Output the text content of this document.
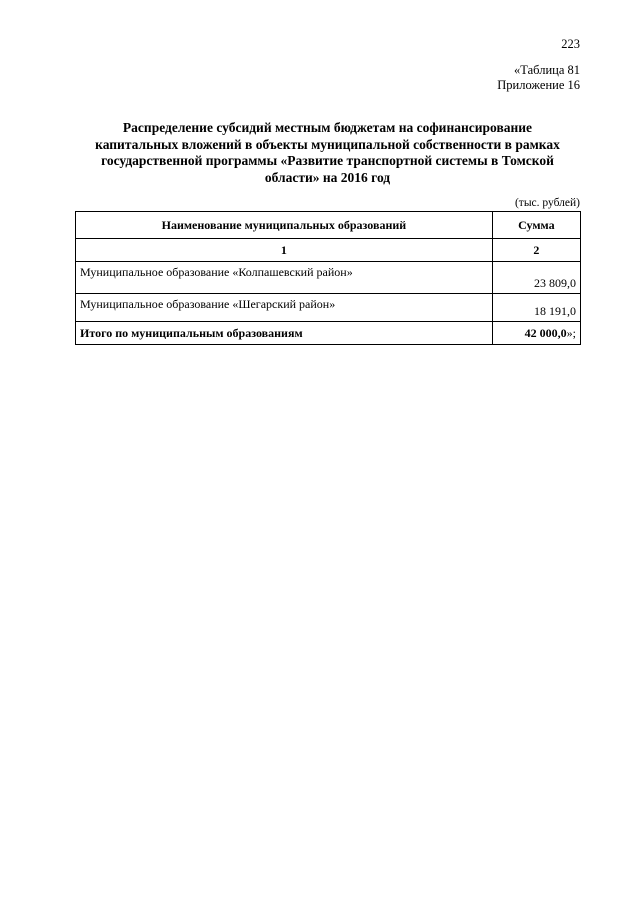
223
«Таблица 81
Приложение 16
Распределение субсидий местным бюджетам на софинансирование
капитальных вложений в объекты муниципальной собственности в рамках
государственной программы «Развитие транспортной системы в Томской
области» на 2016 год
(тыс. рублей)
Наименование муниципальных образований	Сумма
1	2
Муниципальное образование «Колпашевский район»	23 809,0
Муниципальное образование «Шегарский район»	18 191,0
Итого по муниципальным образованиям	42 000,0»;
